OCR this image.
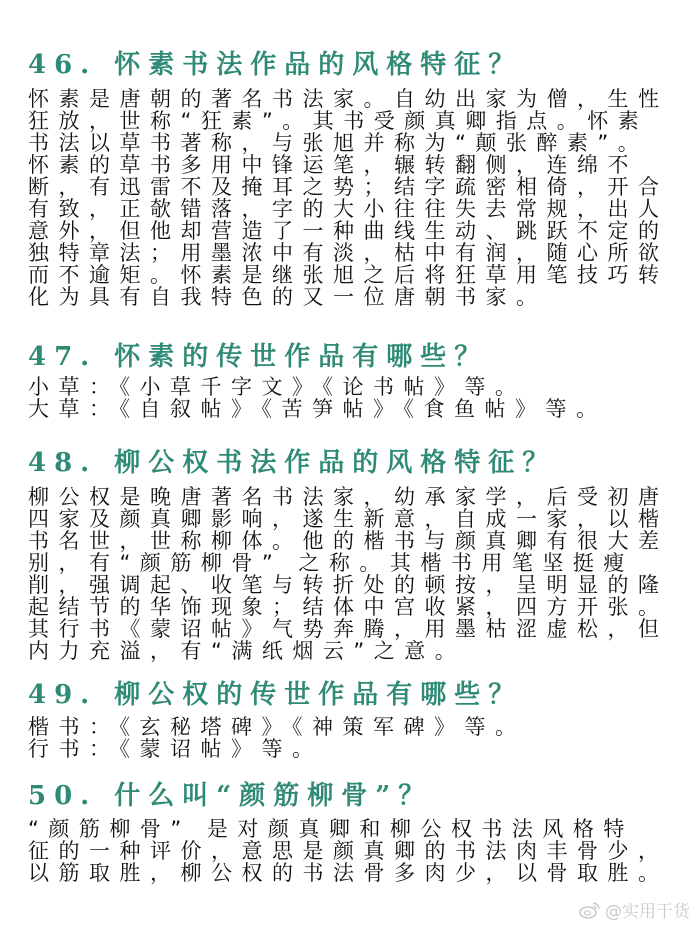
46. 怀素书法作品的风格特征？
怀素是唐朝的著名书法家。自幼出家为僧，生性
狂放，世称“狂素”。其书受颜真卿指点。怀素
书法以草书著称，与张旭并称为“颠张醉素”。
怀素的草书多用中锋运笔，辗转翻侧，连绵不
断，有迅雷不及掩耳之势；结字疏密相倚，开合
有致，正欹错落，字的大小往往失去常规，出人
意外，但他却营造了一种曲线生动、跳跃不定的
独特章法；用墨浓中有淡，枯中有润，随心所欲
而不逾矩。怀素是继张旭之后将狂草用笔技巧转
化为具有自我特色的又一位唐朝书家。
47. 怀素的传世作品有哪些？
小草：《小草千字文》《论书帖》等。
大草：《自叙帖》《苦笋帖》《食鱼帖》等。
48. 柳公权书法作品的风格特征？
柳公权是晚唐著名书法家，幼承家学，后受初唐
四家及颜真卿影响，遂生新意，自成一家，以楷
书名世，世称柳体。他的楷书与颜真卿有很大差
别，有“颜筋柳骨” 之称。其楷书用笔坚挺瘦
削，强调起、收笔与转折处的顿按，呈明显的隆
起结节的华饰现象；结体中宫收紧，四方开张。
其行书《蒙诏帖》气势奔腾，用墨枯涩虚松，但
内力充溢，有“满纸烟云”之意。
49. 柳公权的传世作品有哪些？
楷书：《玄秘塔碑》《神策军碑》等。
行书：《蒙诏帖》等。
50. 什么叫“颜筋柳骨”？
“颜筋柳骨” 是对颜真卿和柳公权书法风格特
征的一种评价，意思是颜真卿的书法肉丰骨少，
以筋取胜，柳公权的书法骨多肉少，以骨取胜。
@实用干货
